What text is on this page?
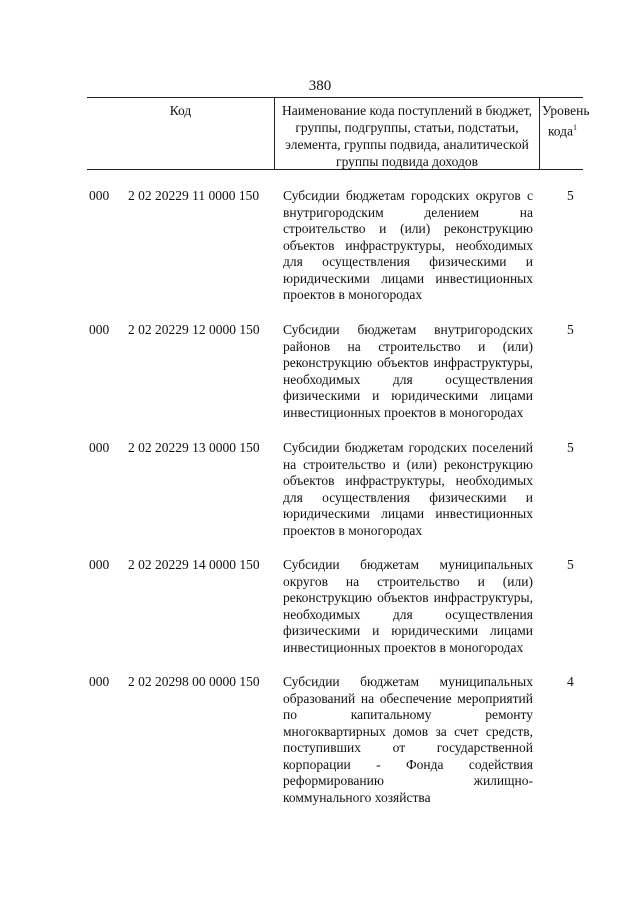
380
Код	Наименование кода поступлений в бюджет, группы, подгруппы, статьи, подстатьи, элемента, группы подвида, аналитической группы подвида доходов
Уровень кода$^1$
000 2 02 20229 11 0000 150 Субсидии бюджетам городских округов с внутригородским делением на строительство и (или) реконструкцию объектов инфраструктуры, необходимых для осуществления физическими и юридическими лицами инвестиционных проектов в моногородах
5
000 2 02 20229 12 0000 150 Субсидии бюджетам внутригородских районов на строительство и (или) реконструкцию объектов инфраструктуры, необходимых для осуществления физическими и юридическими лицами инвестиционных проектов в моногородах
5
000 2 02 20229 13 0000 150 Субсидии бюджетам городских поселений на строительство и (или) реконструкцию объектов инфраструктуры, необходимых для осуществления физическими и юридическими лицами инвестиционных проектов в моногородах
5
000 2 02 20229 14 0000 150 Субсидии бюджетам муниципальных округов на строительство и (или) реконструкцию объектов инфраструктуры, необходимых для осуществления физическими и юридическими лицами инвестиционных проектов в моногородах
5
000 2 02 20298 00 0000 150 Субсидии бюджетам муниципальных образований на обеспечение мероприятий по капитальному ремонту многоквартирных домов за счет средств, поступивших от государственной корпорации - Фонда содействия реформированию жилищно-коммунального хозяйства
4
